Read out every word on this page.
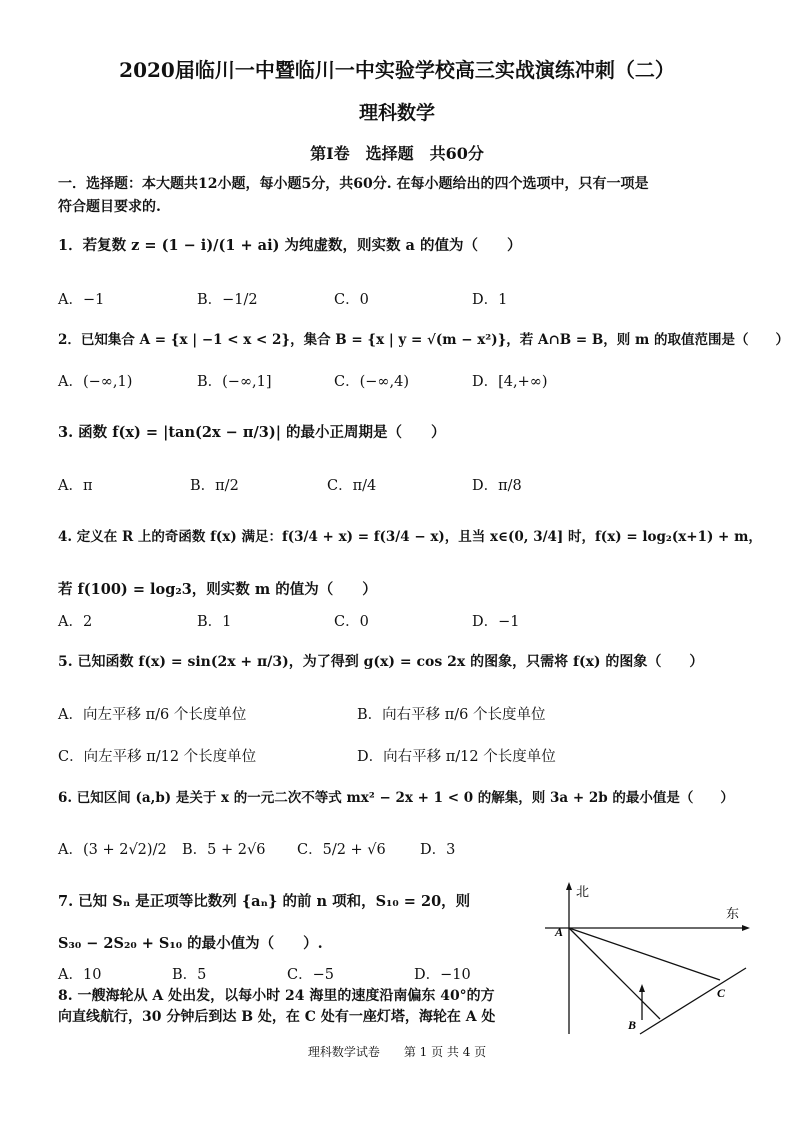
2020届临川一中暨临川一中实验学校高三实战演练冲刺（二）
理科数学
第Ⅰ卷　选择题　共60分
一．选择题：本大题共12小题，每小题5分，共60分. 在每小题给出的四个选项中，只有一项是
符合题目要求的.
1．若复数 z = (1 − i)/(1 + ai) 为纯虚数，则实数 a 的值为（　　）
A．−1	B．−1/2	C．0	D．1
2．已知集合 A = {x | −1 < x < 2}，集合 B = {x | y = √(m − x²)}，若 A∩B = B，则 m 的取值范围是（　　）
A．(−∞,1)	B．(−∞,1]	C．(−∞,4)	D．[4,+∞)
3. 函数 f(x) = |tan(2x − π/3)| 的最小正周期是（　　）
A．π	B．π/2	C．π/4	D．π/8
4. 定义在 R 上的奇函数 f(x) 满足：f(3/4 + x) = f(3/4 − x)，且当 x∈(0, 3/4] 时，f(x) = log₂(x+1) + m，
若 f(100) = log₂3，则实数 m 的值为（　　）
A．2	B．1	C．0	D．−1
5. 已知函数 f(x) = sin(2x + π/3)，为了得到 g(x) = cos 2x 的图象，只需将 f(x) 的图象（　　）
A．向左平移 π/6 个长度单位	B．向右平移 π/6 个长度单位
C．向左平移 π/12 个长度单位	D．向右平移 π/12 个长度单位
6. 已知区间 (a,b) 是关于 x 的一元二次不等式 mx² − 2x + 1 < 0 的解集，则 3a + 2b 的最小值是（　　）
A．(3 + 2√2)/2 B．5 + 2√6 C．5/2 + √6 D．3
7. 已知 Sₙ 是正项等比数列 {aₙ} 的前 n 项和，S₁₀ = 20，则
S₃₀ − 2S₂₀ + S₁₀ 的最小值为（　　）.
A．10	B．5	C．−5	D．−10
8. 一艘海轮从 A 处出发，以每小时 24 海里的速度沿南偏东 40°的方
向直线航行，30 分钟后到达 B 处，在 C 处有一座灯塔，海轮在 A 处
北
东
A
B
C
理科数学试卷　　第 1 页 共 4 页
